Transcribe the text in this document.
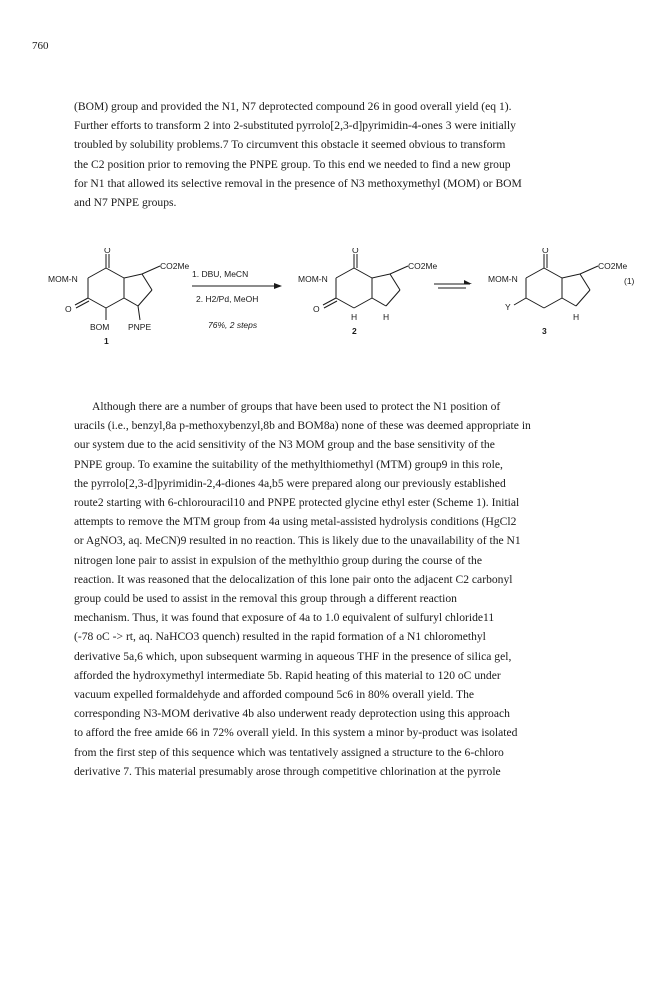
760
(BOM) group and provided the N1, N7 deprotected compound 26 in good overall yield (eq 1).
Further efforts to transform 2 into 2-substituted pyrrolo[2,3-d]pyrimidin-4-ones 3 were initially
troubled by solubility problems.7 To circumvent this obstacle it seemed obvious to transform
the C2 position prior to removing the PNPE group. To this end we needed to find a new group
for N1 that allowed its selective removal in the presence of N3 methoxymethyl (MOM) or BOM
and N7 PNPE groups.
O
MOM-N
CO2Me
O
BOM PNPE
1
1. DBU, MeCN
2. H2/Pd, MeOH
76%, 2 steps
O
MOM-N
CO2Me
O
H	H
2
O
MOM-N
CO2Me
(1)
Y
H
3
Although there are a number of groups that have been used to protect the N1 position of
uracils (i.e., benzyl,8a p-methoxybenzyl,8b and BOM8a) none of these was deemed appropriate in
our system due to the acid sensitivity of the N3 MOM group and the base sensitivity of the
PNPE group. To examine the suitability of the methylthiomethyl (MTM) group9 in this role,
the pyrrolo[2,3-d]pyrimidin-2,4-diones 4a,b5 were prepared along our previously established
route2 starting with 6-chlorouracil10 and PNPE protected glycine ethyl ester (Scheme 1). Initial
attempts to remove the MTM group from 4a using metal-assisted hydrolysis conditions (HgCl2
or AgNO3, aq. MeCN)9 resulted in no reaction. This is likely due to the unavailability of the N1
nitrogen lone pair to assist in expulsion of the methylthio group during the course of the
reaction. It was reasoned that the delocalization of this lone pair onto the adjacent C2 carbonyl
group could be used to assist in the removal this group through a different reaction
mechanism. Thus, it was found that exposure of 4a to 1.0 equivalent of sulfuryl chloride11
(-78 oC -> rt, aq. NaHCO3 quench) resulted in the rapid formation of a N1 chloromethyl
derivative 5a,6 which, upon subsequent warming in aqueous THF in the presence of silica gel,
afforded the hydroxymethyl intermediate 5b. Rapid heating of this material to 120 oC under
vacuum expelled formaldehyde and afforded compound 5c6 in 80% overall yield. The
corresponding N3-MOM derivative 4b also underwent ready deprotection using this approach
to afford the free amide 66 in 72% overall yield. In this system a minor by-product was isolated
from the first step of this sequence which was tentatively assigned a structure to the 6-chloro
derivative 7. This material presumably arose through competitive chlorination at the pyrrole
